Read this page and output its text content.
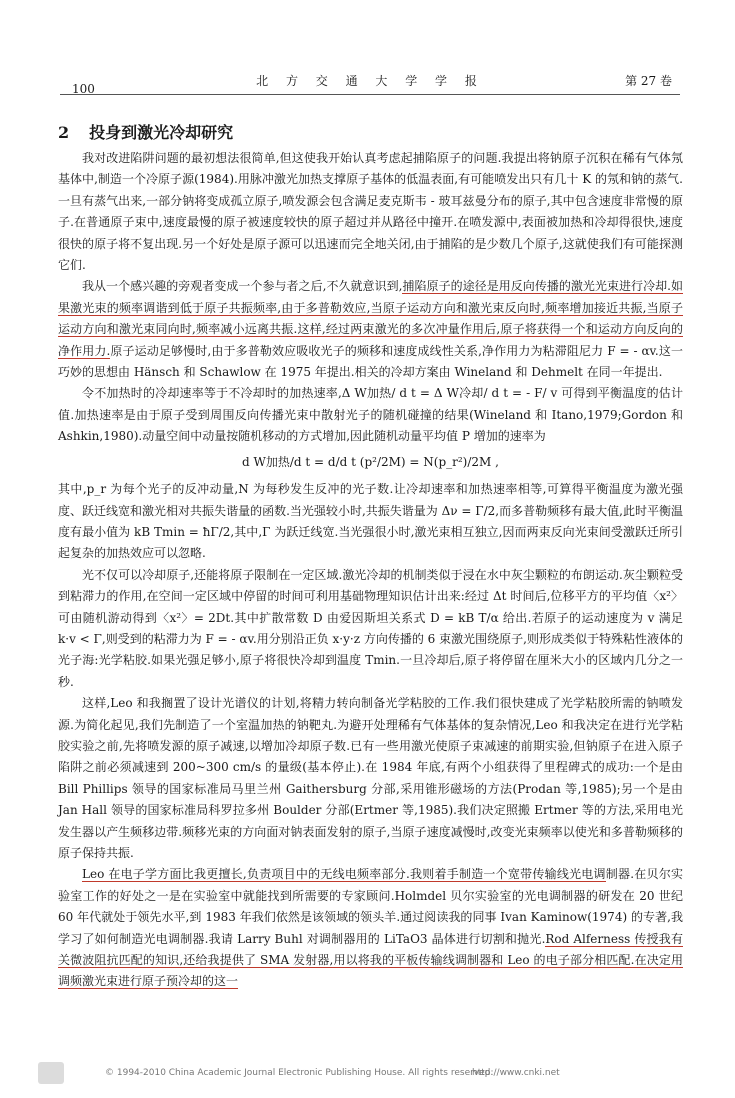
100
北 方 交 通 大 学 学 报	第 27 卷
2 投身到激光冷却研究

我对改进陷阱问题的最初想法很简单,但这使我开始认真考虑起捕陷原子的问题.我提出将钠原子沉积在稀有气体氖基体中,制造一个冷原子源(1984).用脉冲激光加热支撑原子基体的低温表面,有可能喷发出只有几十 K 的氖和钠的蒸气.一旦有蒸气出来,一部分钠将变成孤立原子,喷发源会包含满足麦克斯韦 - 玻耳兹曼分布的原子,其中包含速度非常慢的原子.在普通原子束中,速度最慢的原子被速度较快的原子超过并从路径中撞开.在喷发源中,表面被加热和冷却得很快,速度很快的原子将不复出现.另一个好处是原子源可以迅速而完全地关闭,由于捕陷的是少数几个原子,这就使我们有可能探测它们.

我从一个感兴趣的旁观者变成一个参与者之后,不久就意识到,捕陷原子的途径是用反向传播的激光光束进行冷却.如果激光束的频率调谐到低于原子共振频率,由于多普勒效应,当原子运动方向和激光束反向时,频率增加接近共振,当原子运动方向和激光束同向时,频率减小远离共振.这样,经过两束激光的多次冲量作用后,原子将获得一个和运动方向反向的净作用力.原子运动足够慢时,由于多普勒效应吸收光子的频移和速度成线性关系,净作用力为粘滞阻尼力 F = - αv.这一巧妙的思想由 Hänsch 和 Schawlow 在 1975 年提出.相关的冷却方案由 Wineland 和 Dehmelt 在同一年提出.

令不加热时的冷却速率等于不冷却时的加热速率,Δ W加热/ d t = Δ W冷却/ d t = - F/ v 可得到平衡温度的估计值.加热速率是由于原子受到周围反向传播光束中散射光子的随机碰撞的结果(Wineland 和 Itano,1979;Gordon 和 Ashkin,1980).动量空间中动量按随机移动的方式增加,因此随机动量平均值 P 增加的速率为

d W加热/d t = d/d t (p²/2M) = N(p_r²)/2M ,

其中,p_r 为每个光子的反冲动量,N 为每秒发生反冲的光子数.让冷却速率和加热速率相等,可算得平衡温度为激光强度、跃迁线宽和激光相对共振失谐量的函数.当光强较小时,共振失谐量为 Δν = Γ/2,而多普勒频移有最大值,此时平衡温度有最小值为 kB Tmin = ħΓ/2,其中,Γ 为跃迁线宽.当光强很小时,激光束相互独立,因而两束反向光束间受激跃迁所引起复杂的加热效应可以忽略.

光不仅可以冷却原子,还能将原子限制在一定区域.激光冷却的机制类似于浸在水中灰尘颗粒的布朗运动.灰尘颗粒受到粘滞力的作用,在空间一定区域中停留的时间可利用基础物理知识估计出来:经过 Δt 时间后,位移平方的平均值〈x²〉可由随机游动得到〈x²〉= 2Dt.其中扩散常数 D 由爱因斯坦关系式 D = kB T/α 给出.若原子的运动速度为 v 满足 k·v < Γ,则受到的粘滞力为 F = - αv.用分别沿正负 x·y·z 方向传播的 6 束激光围绕原子,则形成类似于特殊粘性液体的光子海:光学粘胶.如果光强足够小,原子将很快冷却到温度 Tmin.一旦冷却后,原子将停留在厘米大小的区域内几分之一秒.

这样,Leo 和我搁置了设计光谱仪的计划,将精力转向制备光学粘胶的工作.我们很快建成了光学粘胶所需的钠喷发源.为简化起见,我们先制造了一个室温加热的钠靶丸.为避开处理稀有气体基体的复杂情况,Leo 和我决定在进行光学粘胶实验之前,先将喷发源的原子减速,以增加冷却原子数.已有一些用激光使原子束减速的前期实验,但钠原子在进入原子陷阱之前必须减速到 200~300 cm/s 的量级(基本停止).在 1984 年底,有两个小组获得了里程碑式的成功:一个是由 Bill Phillips 领导的国家标准局马里兰州 Gaithersburg 分部,采用锥形磁场的方法(Prodan 等,1985);另一个是由 Jan Hall 领导的国家标准局科罗拉多州 Boulder 分部(Ertmer 等,1985).我们决定照搬 Ertmer 等的方法,采用电光发生器以产生频移边带.频移光束的方向面对钠表面发射的原子,当原子速度减慢时,改变光束频率以使光和多普勒频移的原子保持共振.

Leo 在电子学方面比我更擅长,负责项目中的无线电频率部分.我则着手制造一个宽带传输线光电调制器.在贝尔实验室工作的好处之一是在实验室中就能找到所需要的专家顾问.Holmdel 贝尔实验室的光电调制器的研发在 20 世纪 60 年代就处于领先水平,到 1983 年我们依然是该领域的领头羊.通过阅读我的同事 Ivan Kaminow(1974) 的专著,我学习了如何制造光电调制器.我请 Larry Buhl 对调制器用的 LiTaO3 晶体进行切割和抛光.Rod Alferness 传授我有关微波阻抗匹配的知识,还给我提供了 SMA 发射器,用以将我的平板传输线调制器和 Leo 的电子部分相匹配.在决定用调频激光束进行原子预冷却的这一

© 1994-2010 China Academic Journal Electronic Publishing House. All rights reserved.
http://www.cnki.net
